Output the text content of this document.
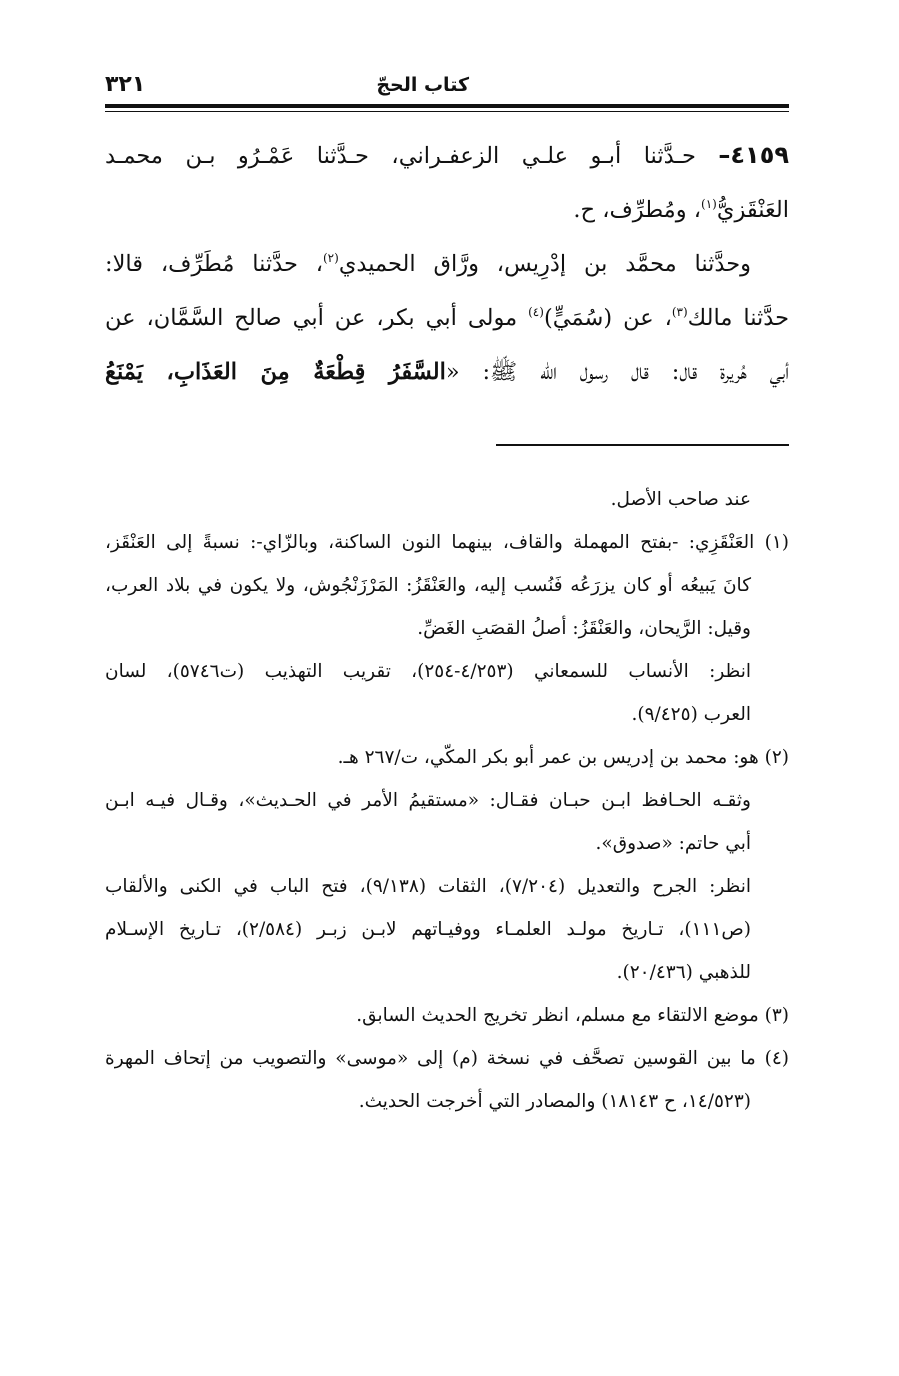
كتاب الحجّ
٣٢١

٤١٥٩– حـدَّثنا أبـو علـي الزعفـراني، حـدَّثنا عَمْـرُو بـن محمـد

العَنْقَزيُّ$^{(١)}$، ومُطرِّف، ح.

وحدَّثنا محمَّد بن إدْرِيس، ورَّاق الحميدي$^{(٢)}$، حدَّثنا مُطَرِّف، قالا:

حدَّثنا مالك$^{(٣)}$، عن (سُمَيٍّ)$^{(٤)}$ مولى أبي بكر، عن أبي صالح السَّمَّان، عن

أبي هُريرة قال: قال رسول الله ﷺ: «السَّفَرُ قِطْعَةٌ مِنَ العَذَابِ، يَمْنَعُ

عند صاحب الأصل.

(١) العَنْقَزِي: -بفتح المهملة والقاف، بينهما النون الساكنة، وبالزّاي-: نسبةً إلى العَنْقَز،

كانَ يَبيعُه أو كان يزرَعُه فَنُسب إليه، والعَنْقَزُ: المَرْزَنْجُوش، ولا يكون في بلاد العرب،

وقيل: الرَّيحان، والعَنْقَزُ: أصلُ القصَبِ الغَضِّ.

انظر: الأنساب للسمعاني (٤/٢٥٣-٢٥٤)، تقريب التهذيب (ت٥٧٤٦)، لسان

العرب (٩/٤٢٥).

(٢) هو: محمد بن إدريس بن عمر أبو بكر المكّي، ت/٢٦٧ هـ.

وثقـه الحـافظ ابـن حبـان فقـال: «مستقيمُ الأمر في الحـديث»، وقـال فيـه ابـن

أبي حاتم: «صدوق».

انظر: الجرح والتعديل (٧/٢٠٤)، الثقات (٩/١٣٨)، فتح الباب في الكنى والألقاب

(ص١١١)، تـاريخ مولـد العلمـاء ووفيـاتهم لابـن زبـر (٢/٥٨٤)، تـاريخ الإسـلام

للذهبي (٢٠/٤٣٦).

(٣) موضع الالتقاء مع مسلم، انظر تخريج الحديث السابق.

(٤) ما بين القوسين تصحَّف في نسخة (م) إلى «موسى» والتصويب من إتحاف المهرة

(١٤/٥٢٣، ح ١٨١٤٣) والمصادر التي أخرجت الحديث.
